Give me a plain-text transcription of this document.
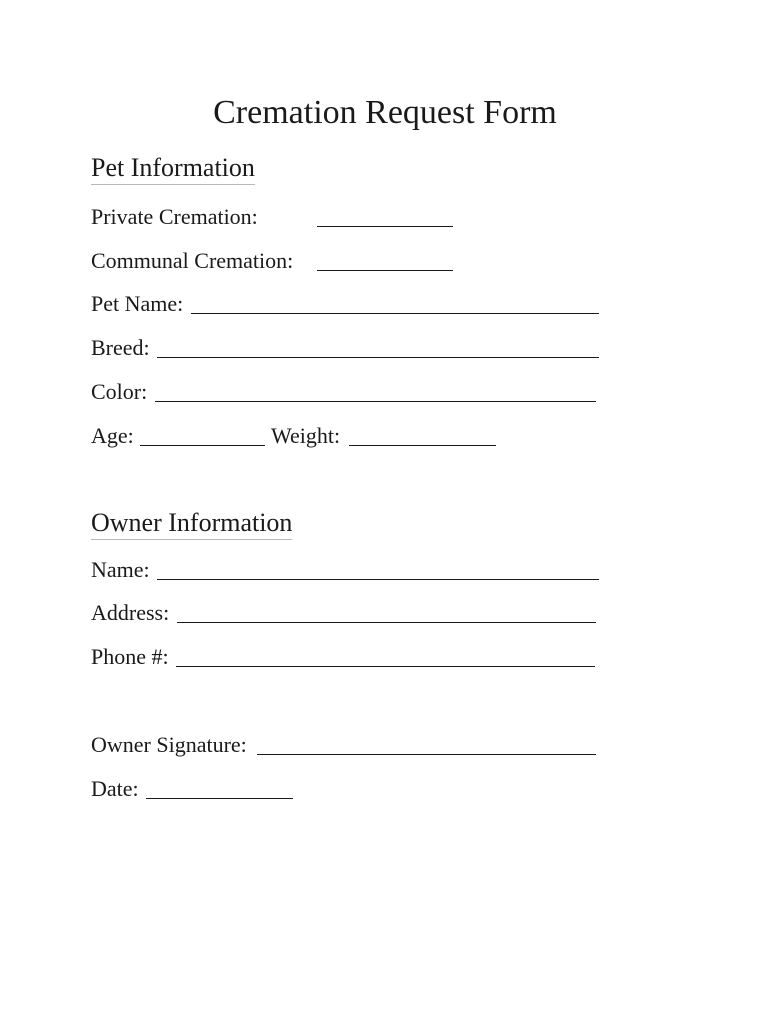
Cremation Request Form
Pet Information
Private Cremation:
Communal Cremation:
Pet Name:
Breed:
Color:
Age:	Weight:
Owner Information
Name:
Address:
Phone #:
Owner Signature:
Date:
